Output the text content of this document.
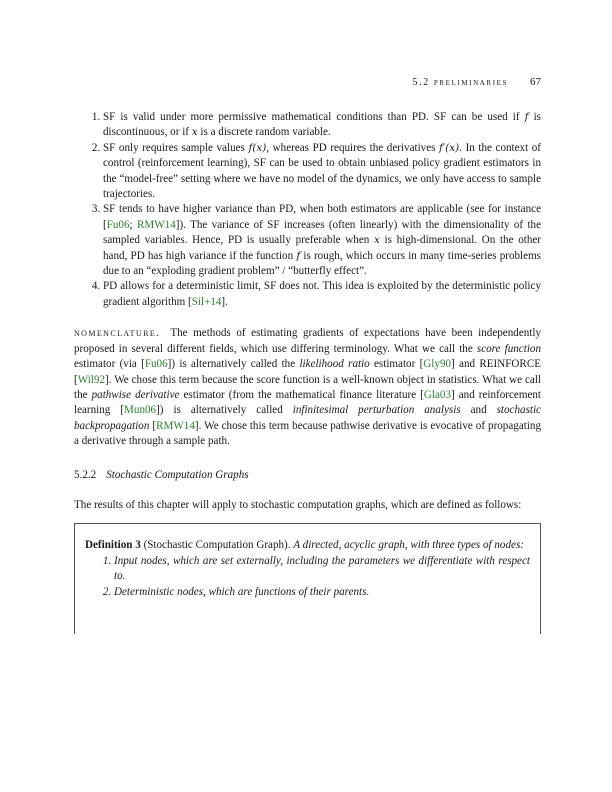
5.2 preliminaries 67
1. SF is valid under more permissive mathematical conditions than PD. SF can be used if f is discontinuous, or if x is a discrete random variable.
2. SF only requires sample values f(x), whereas PD requires the derivatives f′(x). In the context of control (reinforcement learning), SF can be used to obtain unbiased policy gradient estimators in the “model-free” setting where we have no model of the dynamics, we only have access to sample trajectories.
3. SF tends to have higher variance than PD, when both estimators are applicable (see for instance [Fu06; RMW14]). The variance of SF increases (often linearly) with the dimensionality of the sampled variables. Hence, PD is usually preferable when x is high-dimensional. On the other hand, PD has high variance if the function f is rough, which occurs in many time-series problems due to an “exploding gradient problem” / “butterfly effect”.
4. PD allows for a deterministic limit, SF does not. This idea is exploited by the deterministic policy gradient algorithm [Sil+14].

nomenclature. The methods of estimating gradients of expectations have been independently proposed in several different fields, which use differing terminology. What we call the score function estimator (via [Fu06]) is alternatively called the likelihood ratio estimator [Gly90] and REINFORCE [Wil92]. We chose this term because the score function is a well-known object in statistics. What we call the pathwise derivative estimator (from the mathematical finance literature [Gla03] and reinforcement learning [Mun06]) is alternatively called infinitesimal perturbation analysis and stochastic backpropagation [RMW14]. We chose this term because pathwise derivative is evocative of propagating a derivative through a sample path.

5.2.2 Stochastic Computation Graphs

The results of this chapter will apply to stochastic computation graphs, which are defined as follows:

Definition 3 (Stochastic Computation Graph). A directed, acyclic graph, with three types of nodes:

1. Input nodes, which are set externally, including the parameters we differentiate with respect to.
2. Deterministic nodes, which are functions of their parents.
